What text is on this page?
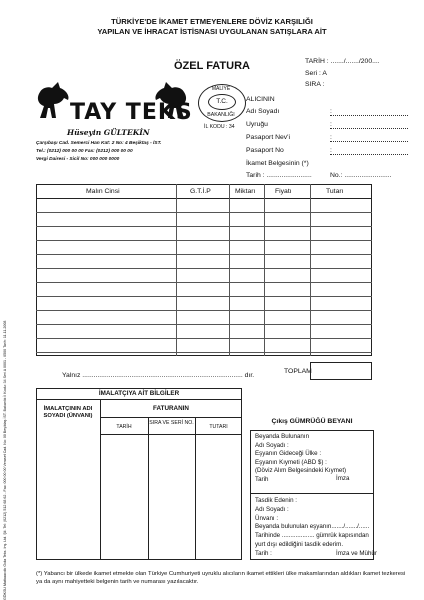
TÜRKİYE'DE İKAMET ETMEYENLERE DÖVİZ KARŞILIĞI
YAPILAN VE İHRACAT İSTİSNASI UYGULANAN SATIŞLARA AİT
ÖZEL FATURA
TAY TEKS
Hüseyin GÜLTEKİN
Çarşıbaşı Cad. Semerci Han Kat: 2 No: 4 Beşiktaş - İST.
Tel.: (0212) 000 00 00 Fax: (0212) 000 00 00
Vergi Dairesi - Sicil No: 000 000 0000
MALİYE
T.C.
BAKANLIĞI
İL KODU : 34
TARİH : ......./......./200....
Seri : A
SIRA :
ALICININ
Adı Soyadı	:
Uyruğu	:
Pasaport Nev'i	:
Pasaport No	:
İkamet Belgesinin (*)
Tarih : ........................	No.: .........................
GÖKSU Matbaacılık Gıda Teks. Inş. Ltd. Şti. Tel: (0212) 512 68 62 - Fax: 000 00 00 Veraset Cad. No: 00 Beşiktaş İST. Bakanlık İl Kodu: 34 Seri A 0001 - 0500 Tarih: 11.11.2008
Malın Cinsi	G.T.İ.P	Miktarı	Fiyatı	Tutarı
Yalnız ..................................................................................... dır.
TOPLAM
İMALATÇIYA AİT BİLGİLER
İMALATÇININ ADI SOYADI (ÜNVANI)
FATURANIN
TARİH
SIRA VE SERİ NO.
TUTARI
Çıkış GÜMRÜĞÜ BEYANI
Beyanda Bulunanın
Adı Soyadı :
Eşyanın Gideceği Ülke :
Eşyanın Kıymeti (ABD $) :
(Döviz Alım Belgesindeki Kıymet)
Tarih	İmza
Tasdik Edenin :
Adı Soyadı :
Ünvanı :
Beyanda bulunulan eşyanın......./......./......
Tarihinde ................... gümrük kapısından
yurt dışı edildiğini tasdik ederim.
Tarih :	İmza ve Mühür
(*) Yabancı bir ülkede ikamet etmekte olan Türkiye Cumhuriyeti uyruklu alıcıların ikamet ettikleri ülke makamlarından aldıkları ikamet tezkeresi ya da aynı mahiyetteki belgenin tarih ve numarası yazılacaktır.
